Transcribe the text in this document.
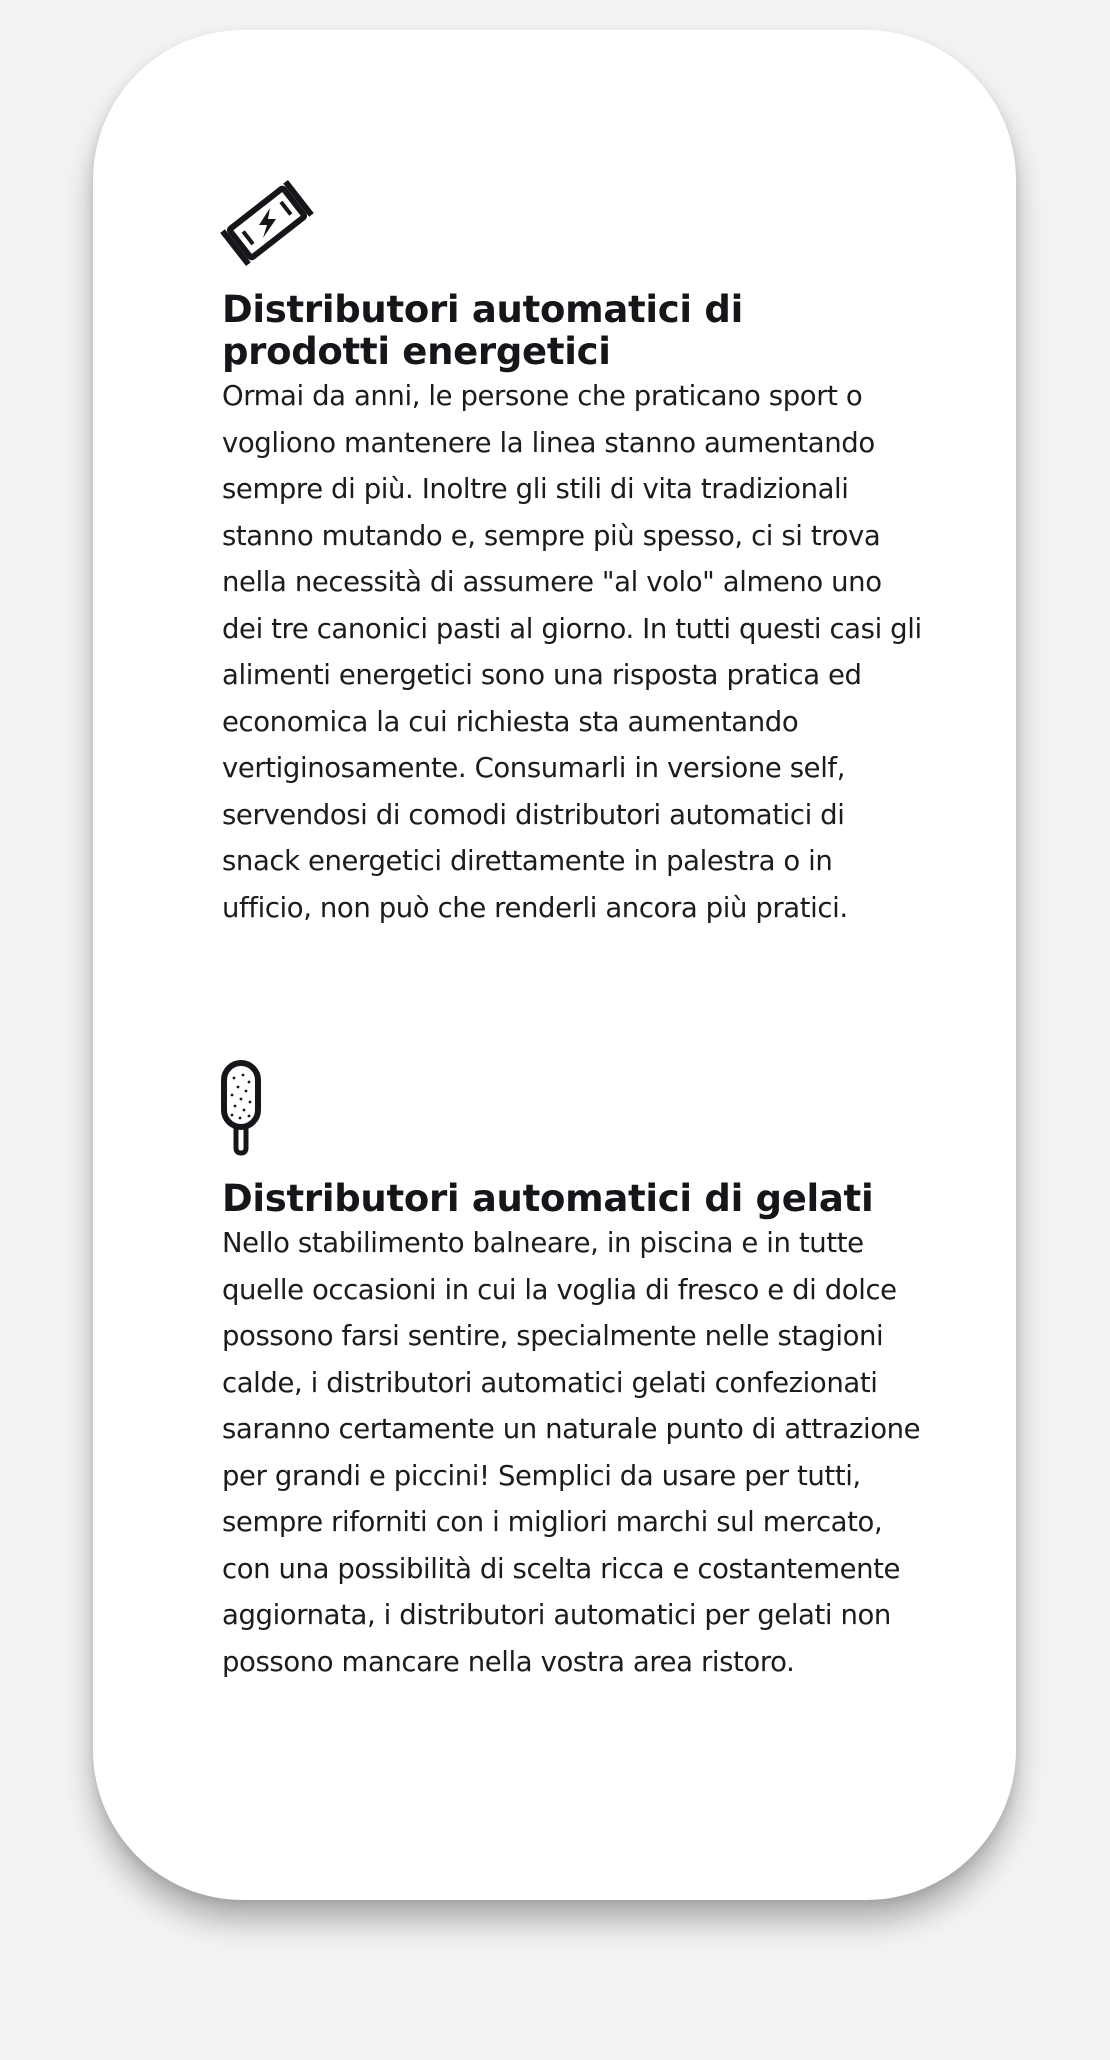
Distributori automatici di prodotti energetici

Ormai da anni, le persone che praticano sport o vogliono mantenere la linea stanno aumentando sempre di più. Inoltre gli stili di vita tradizionali stanno mutando e, sempre più spesso, ci si trova nella necessità di assumere "al volo" almeno uno dei tre canonici pasti al giorno. In tutti questi casi gli alimenti energetici sono una risposta pratica ed economica la cui richiesta sta aumentando vertiginosamente. Consumarli in versione self, servendosi di comodi distributori automatici di snack energetici direttamente in palestra o in ufficio, non può che renderli ancora più pratici.

Distributori automatici di gelati

Nello stabilimento balneare, in piscina e in tutte quelle occasioni in cui la voglia di fresco e di dolce possono farsi sentire, specialmente nelle stagioni calde, i distributori automatici gelati confezionati saranno certamente un naturale punto di attrazione per grandi e piccini! Semplici da usare per tutti, sempre riforniti con i migliori marchi sul mercato, con una possibilità di scelta ricca e costantemente aggiornata, i distributori automatici per gelati non possono mancare nella vostra area ristoro.
